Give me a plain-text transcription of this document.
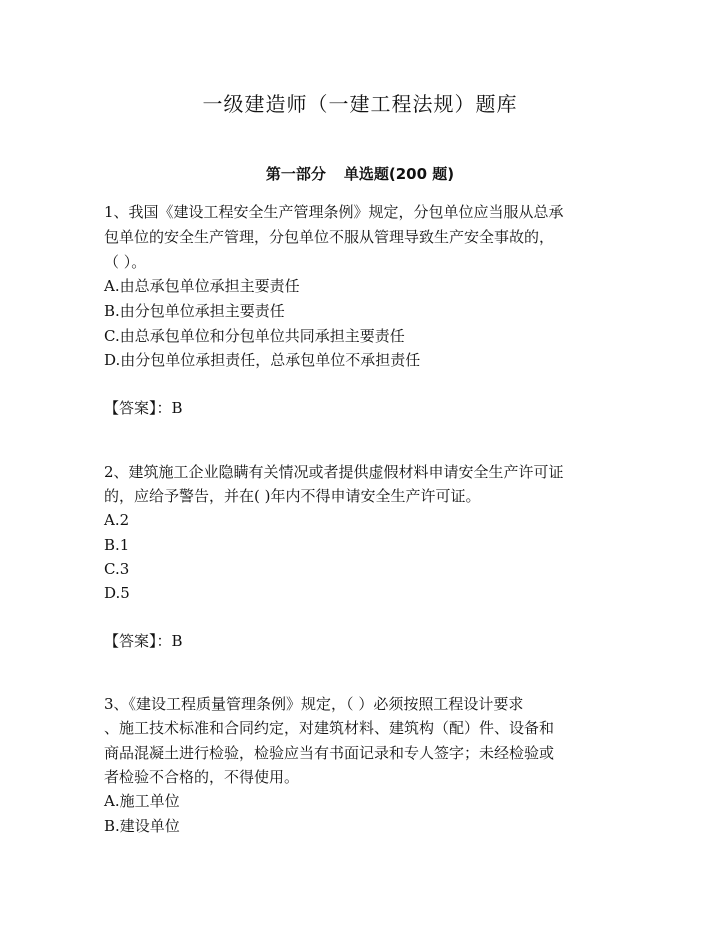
一级建造师（一建工程法规）题库
第一部分 单选题(200 题)
1、我国《建设工程安全生产管理条例》规定，分包单位应当服从总承
包单位的安全生产管理，分包单位不服从管理导致生产安全事故的，
（ ）。
A.由总承包单位承担主要责任
B.由分包单位承担主要责任
C.由总承包单位和分包单位共同承担主要责任
D.由分包单位承担责任，总承包单位不承担责任
【答案】：B
2、建筑施工企业隐瞒有关情况或者提供虚假材料申请安全生产许可证
的，应给予警告，并在( )年内不得申请安全生产许可证。
A.2
B.1
C.3
D.5
【答案】：B
3、《建设工程质量管理条例》规定，（ ）必须按照工程设计要求
、施工技术标准和合同约定，对建筑材料、建筑构（配）件、设备和
商品混凝土进行检验，检验应当有书面记录和专人签字；未经检验或
者检验不合格的，不得使用。
A.施工单位
B.建设单位
